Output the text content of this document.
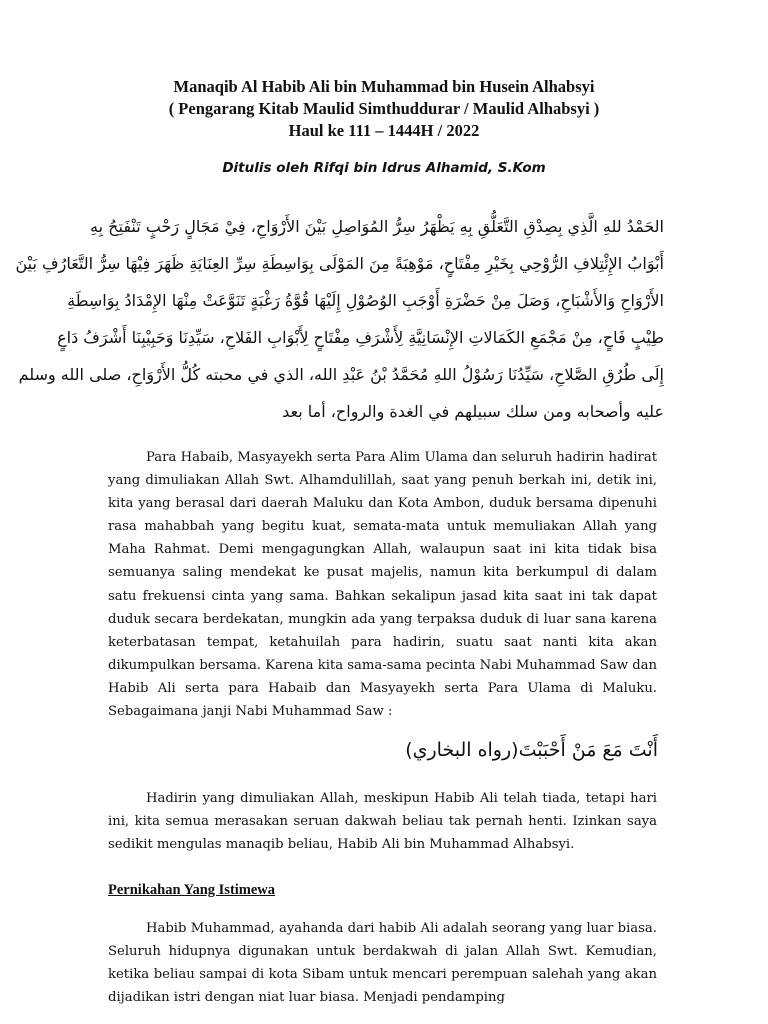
Manaqib Al Habib Ali bin Muhammad bin Husein Alhabsyi

( Pengarang Kitab Maulid Simthuddurar / Maulid Alhabsyi )

Haul ke 111 – 1444H / 2022

Ditulis oleh Rifqi bin Idrus Alhamid, S.Kom
الحَمْدُ للهِ الَّذِي بِصِدْقِ التَّعَلُّقِ بِهِ يَظْهَرُ سِرُّ المُوَاصِلِ بَيْنَ الأَرْوَاحِ، فِيْ مَجَالٍ رَحْبٍ تَنْفَتِحُ بِهِ
أَبْوَابُ الإِئْتِلافِ الرُّوْحِي بِخَيْرِ مِفْتَاحٍ، مَوْهِبَةً مِنَ المَوْلَى بِوَاسِطَةِ سِرِّ العِنَايَةِ ظَهَرَ فِيْهَا سِرُّ التَّعَارُفِ بَيْنَ
الأَرْوَاحِ وَالأَشْبَاحِ، وَصَلَ مِنْ حَضْرَةِ أَوْجَبِ الوُصُوْلِ إِلَيْهَا قُوَّةُ رَغْبَةٍ تَنَوَّعَتْ مِنْهَا الإِمْدَادُ بِوَاسِطَةِ
طِيْبٍ فَاحٍ، مِنْ مَجْمَعِ الكَمَالاتِ الإِنْسَانِيَّةِ لِأَشْرَفِ مِفْتَاحٍ لِأَبْوَابِ الفَلاحِ، سَيِّدِنَا وَحَبِيْبِنَا أَشْرَفُ دَاعٍ
إِلَى طُرُقِ الصَّلاحِ، سَيِّدُنَا رَسُوْلُ اللهِ مُحَمَّدُ بْنُ عَبْدِ الله، الذي في محبته كُلُّ الأَرْوَاحِ، صلى الله وسلم
عليه وأصحابه ومن سلك سبيلهم في الغدة والرواح، أما بعد

Para Habaib, Masyayekh serta Para Alim Ulama dan seluruh hadirin hadirat yang dimuliakan Allah Swt. Alhamdulillah, saat yang penuh berkah ini, detik ini, kita yang berasal dari daerah Maluku dan Kota Ambon, duduk bersama dipenuhi rasa mahabbah yang begitu kuat, semata-mata untuk memuliakan Allah yang Maha Rahmat. Demi mengagungkan Allah, walaupun saat ini kita tidak bisa semuanya saling mendekat ke pusat majelis, namun kita berkumpul di dalam satu frekuensi cinta yang sama. Bahkan sekalipun jasad kita saat ini tak dapat duduk secara berdekatan, mungkin ada yang terpaksa duduk di luar sana karena keterbatasan tempat, ketahuilah para hadirin, suatu saat nanti kita akan dikumpulkan bersama. Karena kita sama-sama pecinta Nabi Muhammad Saw dan Habib Ali serta para Habaib dan Masyayekh serta Para Ulama di Maluku. Sebagaimana janji Nabi Muhammad Saw :

أَنْتَ مَعَ مَنْ أَحْبَبْتَ(رواه البخاري)

Hadirin yang dimuliakan Allah, meskipun Habib Ali telah tiada, tetapi hari ini, kita semua merasakan seruan dakwah beliau tak pernah henti. Izinkan saya sedikit mengulas manaqib beliau, Habib Ali bin Muhammad Alhabsyi.

Pernikahan Yang Istimewa

Habib Muhammad, ayahanda dari habib Ali adalah seorang yang luar biasa. Seluruh hidupnya digunakan untuk berdakwah di jalan Allah Swt. Kemudian, ketika beliau sampai di kota Sibam untuk mencari perempuan salehah yang akan dijadikan istri dengan niat luar biasa. Menjadi pendamping
